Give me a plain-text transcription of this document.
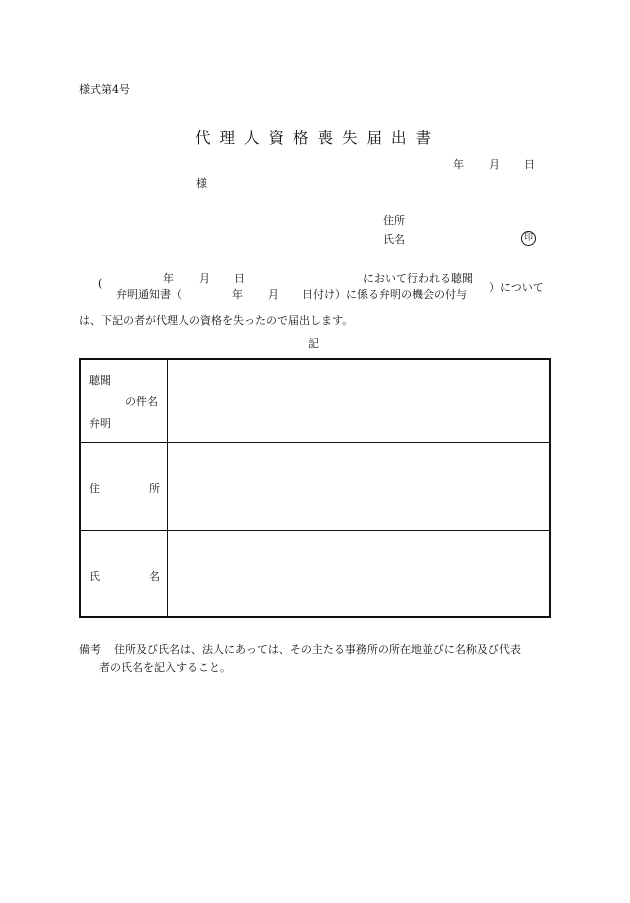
様式第4号
代理人資格喪失届出書
年 月 日
様
住所
氏名	印
(	年 月 日	において行われる聴聞
弁明通知書（	年 月 日付け）に係る弁明の機会の付与
）について
は、下記の者が代理人の資格を失ったので届出します。
記
聴聞
の件名
弁明
住	所
氏	名
備考 住所及び氏名は、法人にあっては、その主たる事務所の所在地並びに名称及び代表
者の氏名を記入すること。
